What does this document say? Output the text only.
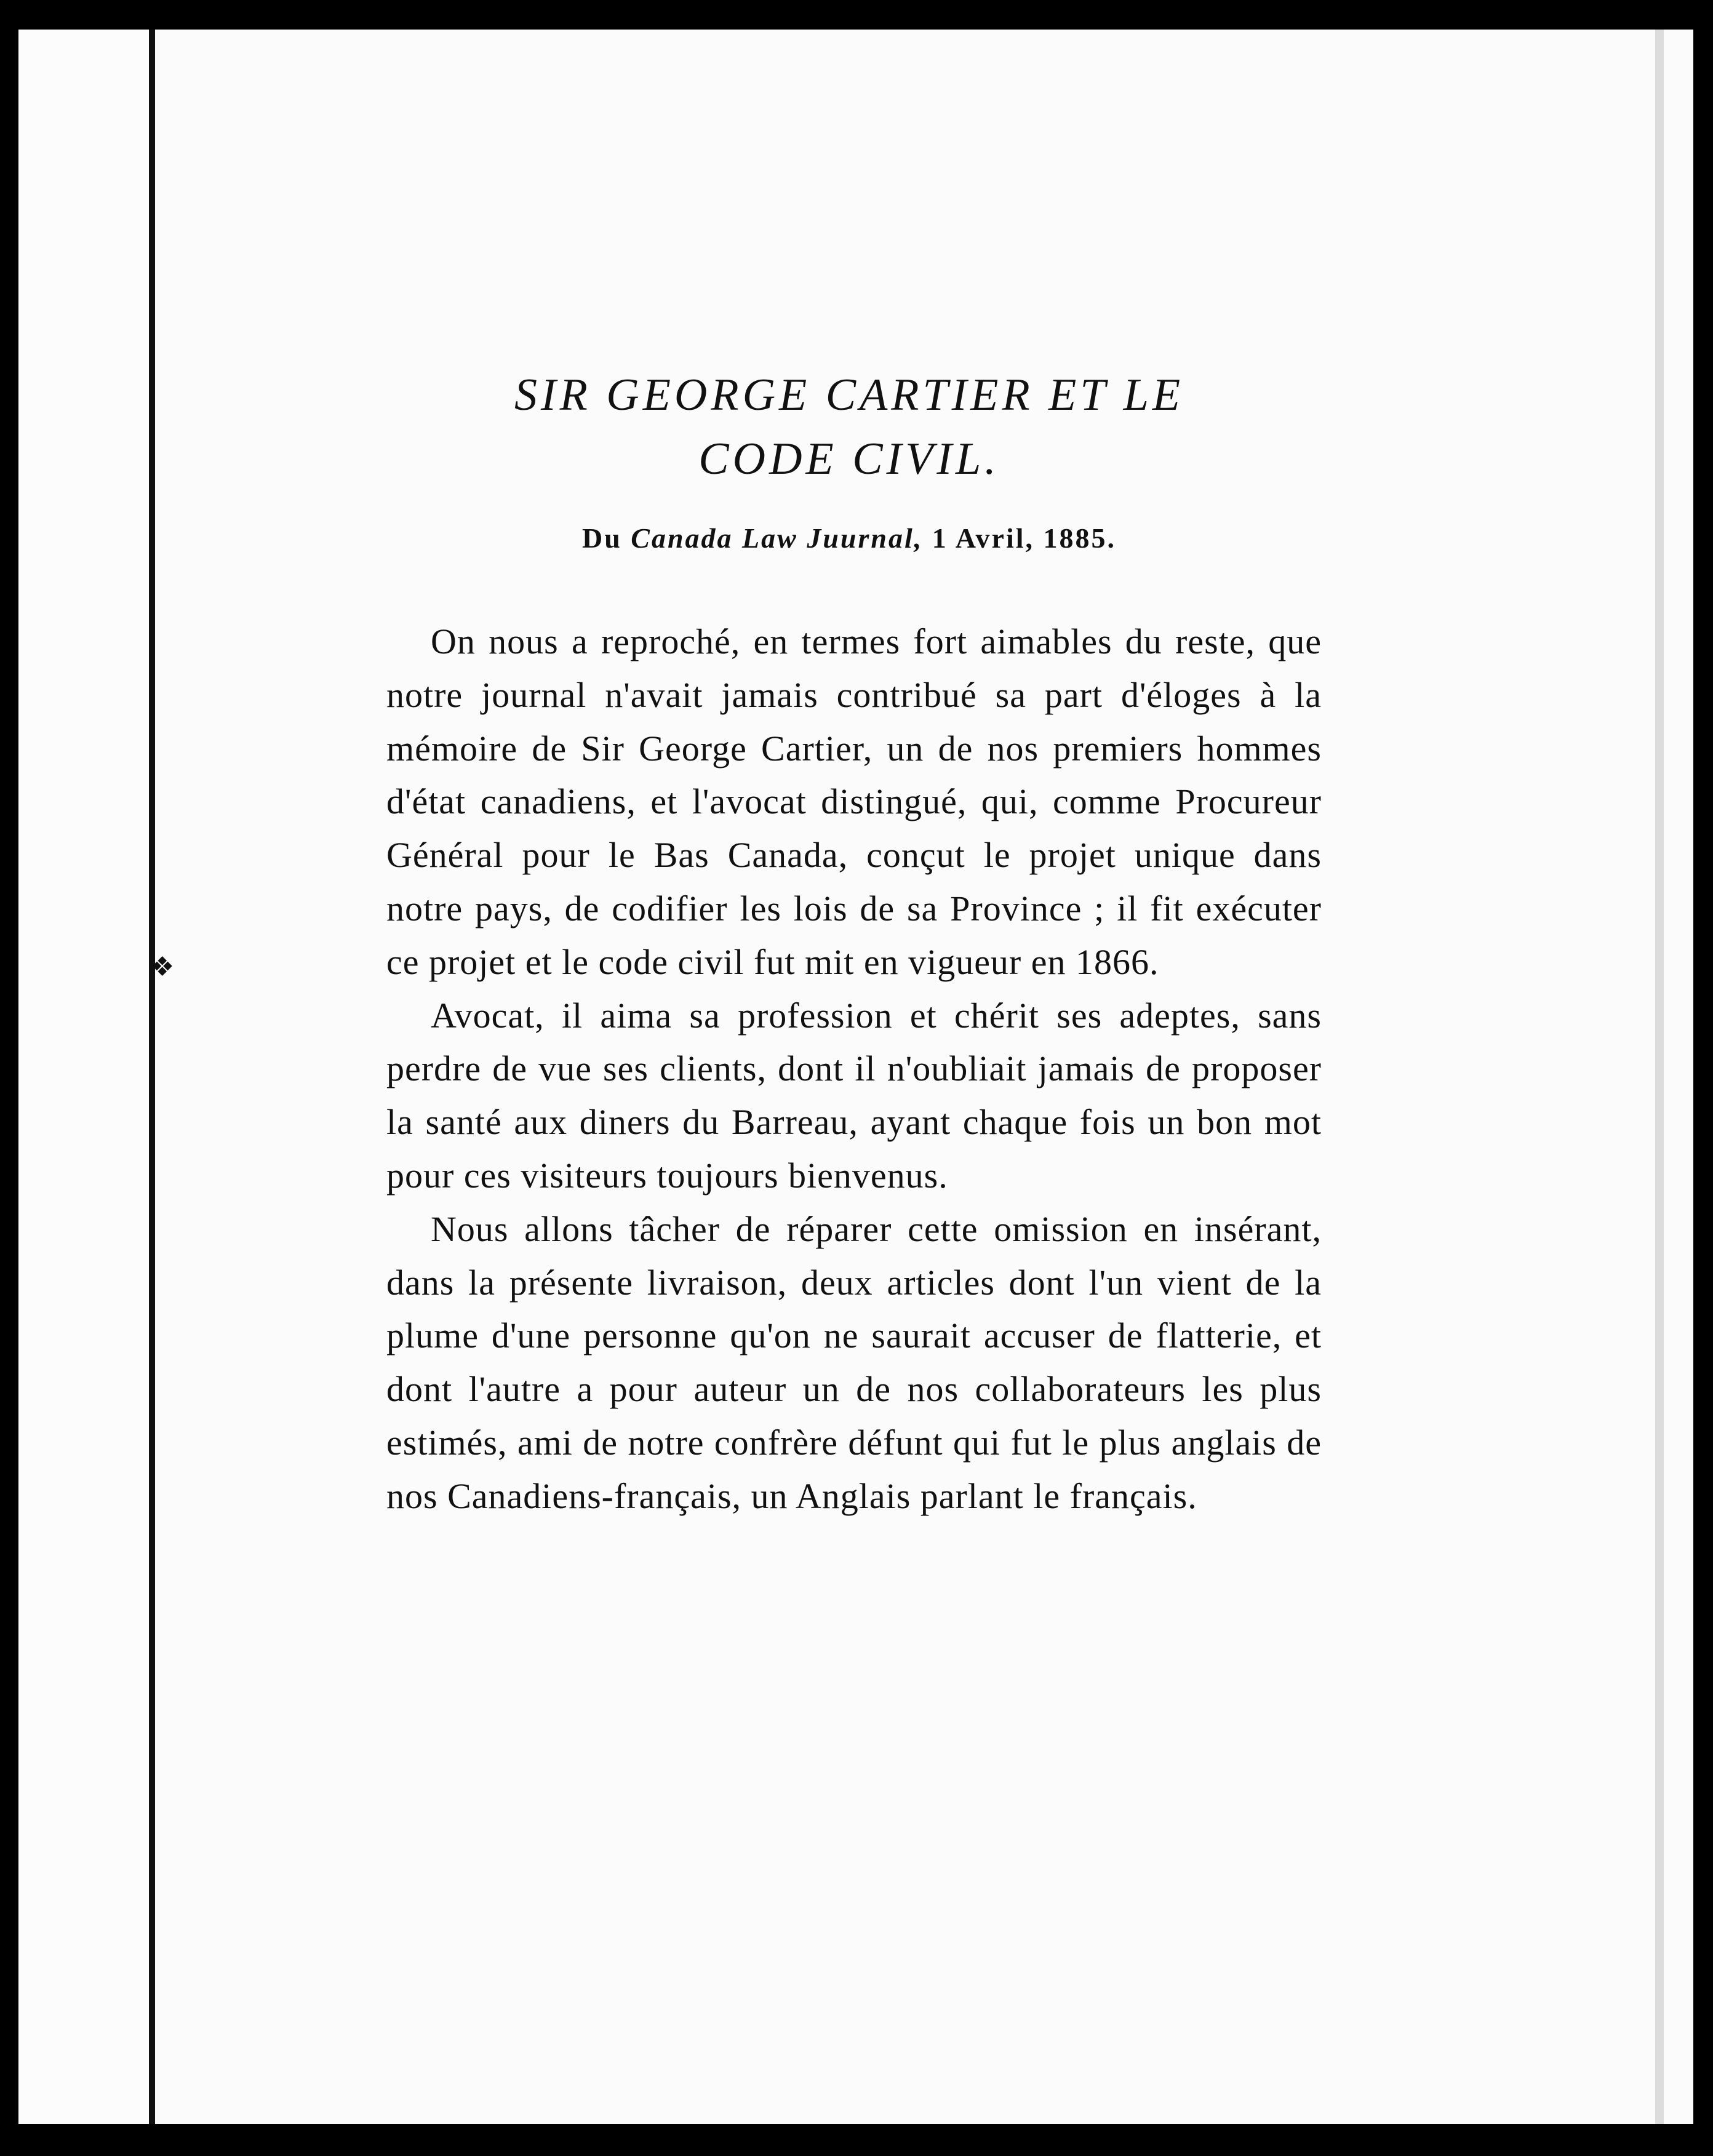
❖
SIR GEORGE CARTIER ET LE
CODE CIVIL.

Du Canada Law Juurnal, 1 Avril, 1885.

On nous a reproché, en termes fort aimables du reste, que notre journal n'avait jamais contribué sa part d'éloges à la mémoire de Sir George Cartier, un de nos premiers hommes d'état canadiens, et l'avocat distingué, qui, comme Procureur Général pour le Bas Canada, conçut le projet unique dans notre pays, de codifier les lois de sa Province ; il fit exécuter ce projet et le code civil fut mit en vigueur en 1866.

Avocat, il aima sa profession et chérit ses adeptes, sans perdre de vue ses clients, dont il n'oubliait jamais de proposer la santé aux diners du Barreau, ayant chaque fois un bon mot pour ces visiteurs toujours bienvenus.

Nous allons tâcher de réparer cette omission en insérant, dans la présente livraison, deux articles dont l'un vient de la plume d'une personne qu'on ne saurait accuser de flatterie, et dont l'autre a pour auteur un de nos collaborateurs les plus estimés, ami de notre confrère défunt qui fut le plus anglais de nos Canadiens-français, un Anglais parlant le français.
